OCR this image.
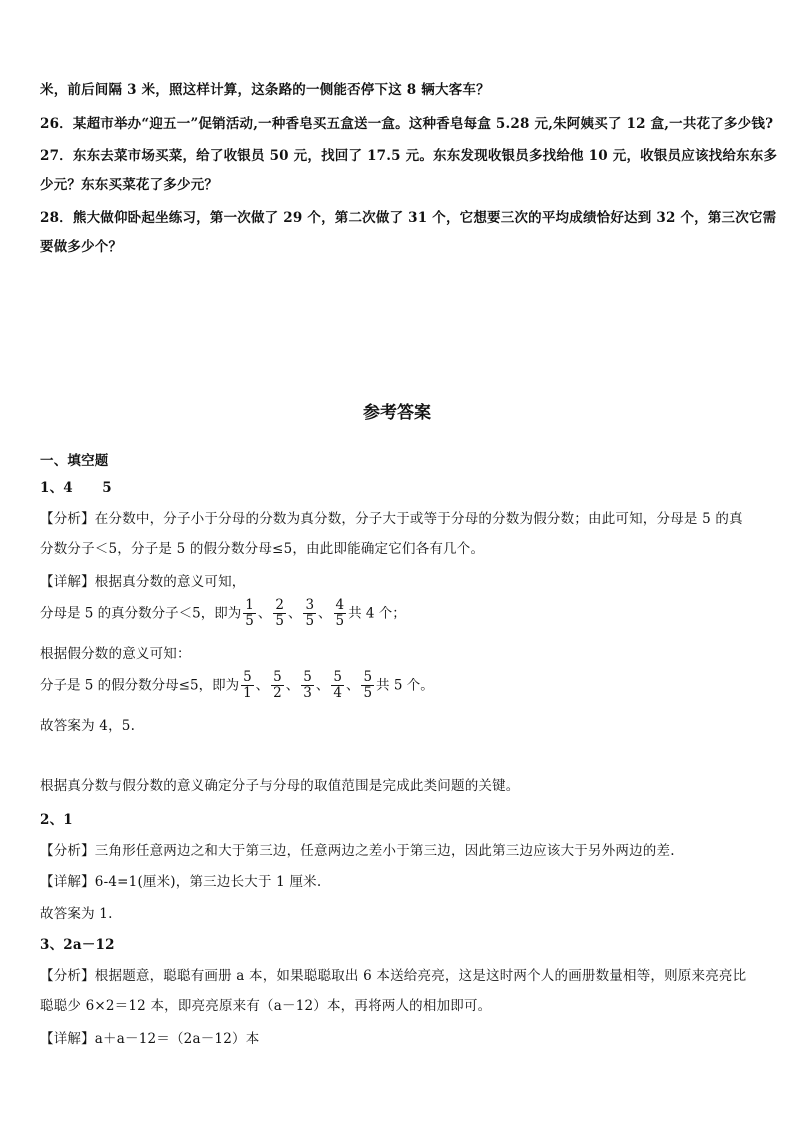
米，前后间隔 3 米，照这样计算，这条路的一侧能否停下这 8 辆大客车？
26．某超市举办“迎五一”促销活动,一种香皂买五盒送一盒。这种香皂每盒 5.28 元,朱阿姨买了 12 盒,一共花了多少钱?
27．东东去菜市场买菜，给了收银员 50 元，找回了 17.5 元。东东发现收银员多找给他 10 元，收银员应该找给东东多
少元？东东买菜花了多少元？
28．熊大做仰卧起坐练习，第一次做了 29 个，第二次做了 31 个，它想要三次的平均成绩恰好达到 32 个，第三次它需
要做多少个？
参考答案
一、填空题
1、4      5
【分析】在分数中，分子小于分母的分数为真分数，分子大于或等于分母的分数为假分数；由此可知，分母是 5 的真
分数分子＜5，分子是 5 的假分数分母≤5，由此即能确定它们各有几个。
【详解】根据真分数的意义可知，
分母是 5 的真分数分子＜5，即为 $\frac{1}{5}$ 、 $\frac{2}{5}$ 、 $\frac{3}{5}$ 、 $\frac{4}{5}$ 共 4 个；
根据假分数的意义可知：
分子是 5 的假分数分母≤5，即为 $\frac{5}{1}$ 、 $\frac{5}{2}$ 、 $\frac{5}{3}$ 、 $\frac{5}{4}$ 、 $\frac{5}{5}$ 共 5 个。
故答案为 4，5.
根据真分数与假分数的意义确定分子与分母的取值范围是完成此类问题的关键。
2、1
【分析】三角形任意两边之和大于第三边，任意两边之差小于第三边，因此第三边应该大于另外两边的差.
【详解】6-4=1(厘米)，第三边长大于 1 厘米.
故答案为 1.
3、2a－12
【分析】根据题意，聪聪有画册 a 本，如果聪聪取出 6 本送给亮亮，这是这时两个人的画册数量相等，则原来亮亮比
聪聪少 6×2＝12 本，即亮亮原来有（a－12）本，再将两人的相加即可。
【详解】a＋a－12＝（2a－12）本
